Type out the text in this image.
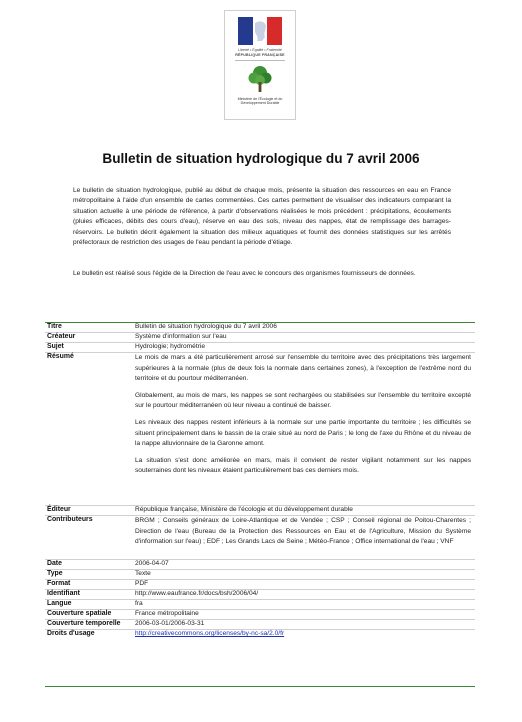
Liberté • Égalité • Fraternité
RÉPUBLIQUE FRANÇAISE
Ministère de l'Écologie et du Développement Durable
Bulletin de situation hydrologique du 7 avril 2006
Le bulletin de situation hydrologique, publié au début de chaque mois, présente la situation des ressources en eau en France métropolitaine à l'aide d'un ensemble de cartes commentées. Ces cartes permettent de visualiser des indicateurs comparant la situation actuelle à une période de référence, à partir d'observations réalisées le mois précédent : précipitations, écoulements (pluies efficaces, débits des cours d'eau), réserve en eau des sols, niveau des nappes, état de remplissage des barrages-réservoirs. Le bulletin décrit également la situation des milieux aquatiques et fournit des données statistiques sur les arrêtés préfectoraux de restriction des usages de l'eau pendant la période d'étiage.
Le bulletin est réalisé sous l'égide de la Direction de l'eau avec le concours des organismes fournisseurs de données.
Titre	Bulletin de situation hydrologique du 7 avril 2006
Créateur	Système d'information sur l'eau
Sujet	Hydrologie; hydrométrie
Résumé	Le mois de mars a été particulièrement arrosé sur l'ensemble du territoire avec des précipitations très largement supérieures à la normale (plus de deux fois la normale dans certaines zones), à l'exception de l'extrême nord du territoire et du pourtour méditerranéen.
Globalement, au mois de mars, les nappes se sont rechargées ou stabilisées sur l'ensemble du territoire excepté sur le pourtour méditerranéen où leur niveau a continué de baisser.
Les niveaux des nappes restent inférieurs à la normale sur une partie importante du territoire ; les difficultés se situent principalement dans le bassin de la craie situé au nord de Paris ; le long de l'axe du Rhône et du niveau de la nappe alluvionnaire de la Garonne amont.
La situation s'est donc améliorée en mars, mais il convient de rester vigilant notamment sur les nappes souterraines dont les niveaux étaient particulièrement bas ces derniers mois.
Éditeur	République française, Ministère de l'écologie et du développement durable
Contributeurs	BRGM ; Conseils généraux de Loire-Atlantique et de Vendée ; CSP ; Conseil régional de Poitou-Charentes ; Direction de l'eau (Bureau de la Protection des Ressources en Eau et de l'Agriculture, Mission du Système d'information sur l'eau) ; EDF ; Les Grands Lacs de Seine ; Météo-France ; Office international de l'eau ; VNF
Date	2006-04-07
Type	Texte
Format	PDF
Identifiant	http://www.eaufrance.fr/docs/bsh/2006/04/
Langue	fra
Couverture spatiale	France métropolitaine
Couverture temporelle 2006-03-01/2006-03-31
Droits d'usage	http://creativecommons.org/licenses/by-nc-sa/2.0/fr
